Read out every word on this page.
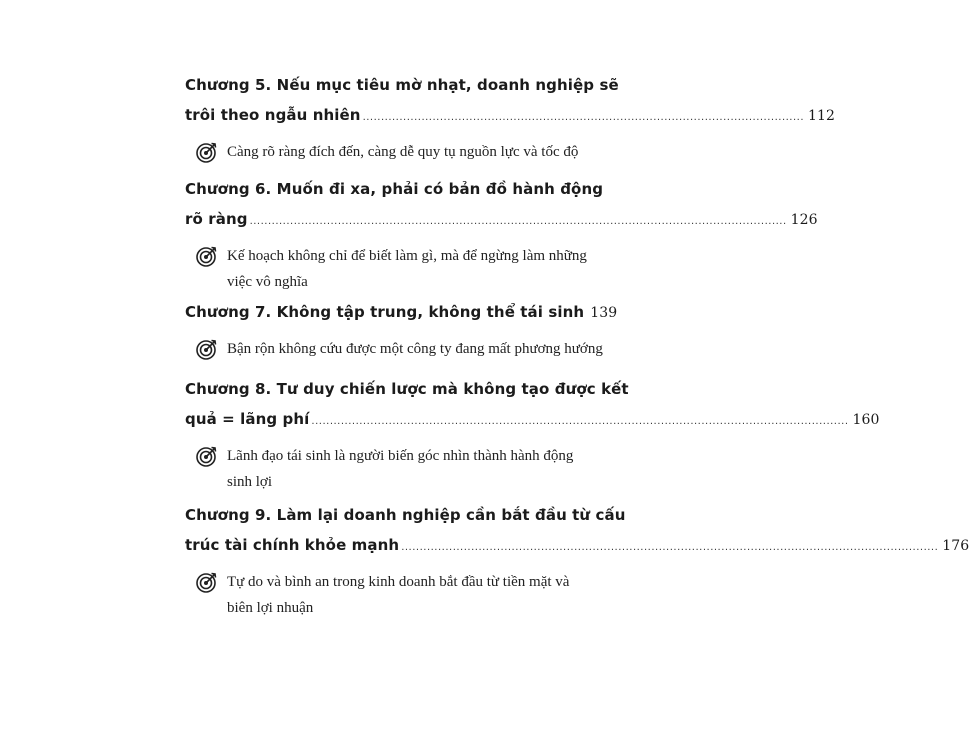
Chương 5. Nếu mục tiêu mờ nhạt, doanh nghiệp sẽ
trôi theo ngẫu nhiên ........................................................................................................................ 112
Càng rõ ràng đích đến, càng dễ quy tụ nguồn lực và tốc độ
Chương 6. Muốn đi xa, phải có bản đồ hành động
rõ ràng .................................................................................................................................................. 126
Kế hoạch không chỉ để biết làm gì, mà để ngừng làm những
việc vô nghĩa
Chương 7. Không tập trung, không thể tái sinh 139
Bận rộn không cứu được một công ty đang mất phương hướng
Chương 8. Tư duy chiến lược mà không tạo được kết
quả = lãng phí .................................................................................................................................................. 160
Lãnh đạo tái sinh là người biến góc nhìn thành hành động
sinh lợi
Chương 9. Làm lại doanh nghiệp cần bắt đầu từ cấu
trúc tài chính khỏe mạnh .................................................................................................................................................. 176
Tự do và bình an trong kinh doanh bắt đầu từ tiền mặt và
biên lợi nhuận
